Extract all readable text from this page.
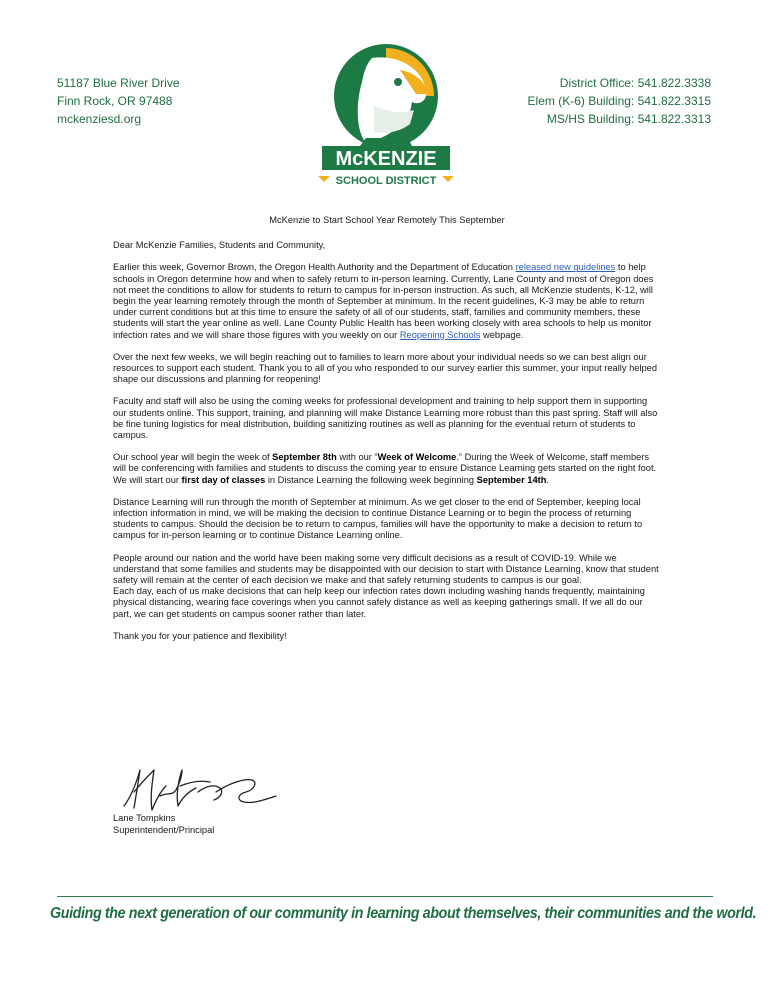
51187 Blue River Drive
Finn Rock, OR 97488
mckenziesd.org
McKENZIE
SCHOOL DISTRICT
District Office: 541.822.3338
Elem (K-6) Building: 541.822.3315
MS/HS Building: 541.822.3313

McKenzie to Start School Year Remotely This September

Dear McKenzie Families, Students and Community,

Earlier this week, Governor Brown, the Oregon Health Authority and the Department of Education released new guidelines to help schools in Oregon determine how and when to safely return to in-person learning. Currently, Lane County and most of Oregon does not meet the conditions to allow for students to return to campus for in-person instruction. As such, all McKenzie students, K-12, will begin the year learning remotely through the month of September at minimum. In the recent guidelines, K-3 may be able to return under current conditions but at this time to ensure the safety of all of our students, staff, families and community members, these students will start the year online as well. Lane County Public Health has been working closely with area schools to help us monitor infection rates and we will share those figures with you weekly on our Reopening Schools webpage.

Over the next few weeks, we will begin reaching out to families to learn more about your individual needs so we can best align our resources to support each student. Thank you to all of you who responded to our survey earlier this summer, your input really helped shape our discussions and planning for reopening!

Faculty and staff will also be using the coming weeks for professional development and training to help support them in supporting our students online. This support, training, and planning will make Distance Learning more robust than this past spring. Staff will also be fine tuning logistics for meal distribution, building sanitizing routines as well as planning for the eventual return of students to campus.

Our school year will begin the week of September 8th with our “Week of Welcome.” During the Week of Welcome, staff members will be conferencing with families and students to discuss the coming year to ensure Distance Learning gets started on the right foot. We will start our first day of classes in Distance Learning the following week beginning September 14th.

Distance Learning will run through the month of September at minimum. As we get closer to the end of September, keeping local infection information in mind, we will be making the decision to continue Distance Learning or to begin the process of returning students to campus. Should the decision be to return to campus, families will have the opportunity to make a decision to return to campus for in-person learning or to continue Distance Learning online.

People around our nation and the world have been making some very difficult decisions as a result of COVID-19. While we understand that some families and students may be disappointed with our decision to start with Distance Learning, know that student safety will remain at the center of each decision we make and that safely returning students to campus is our goal.

Each day, each of us make decisions that can help keep our infection rates down including washing hands frequently, maintaining physical distancing, wearing face coverings when you cannot safely distance as well as keeping gatherings small. If we all do our part, we can get students on campus sooner rather than later.

Thank you for your patience and flexibility!

Lane Tompkins
Superintendent/Principal
Guiding the next generation of our community in learning about themselves, their communities and the world.
